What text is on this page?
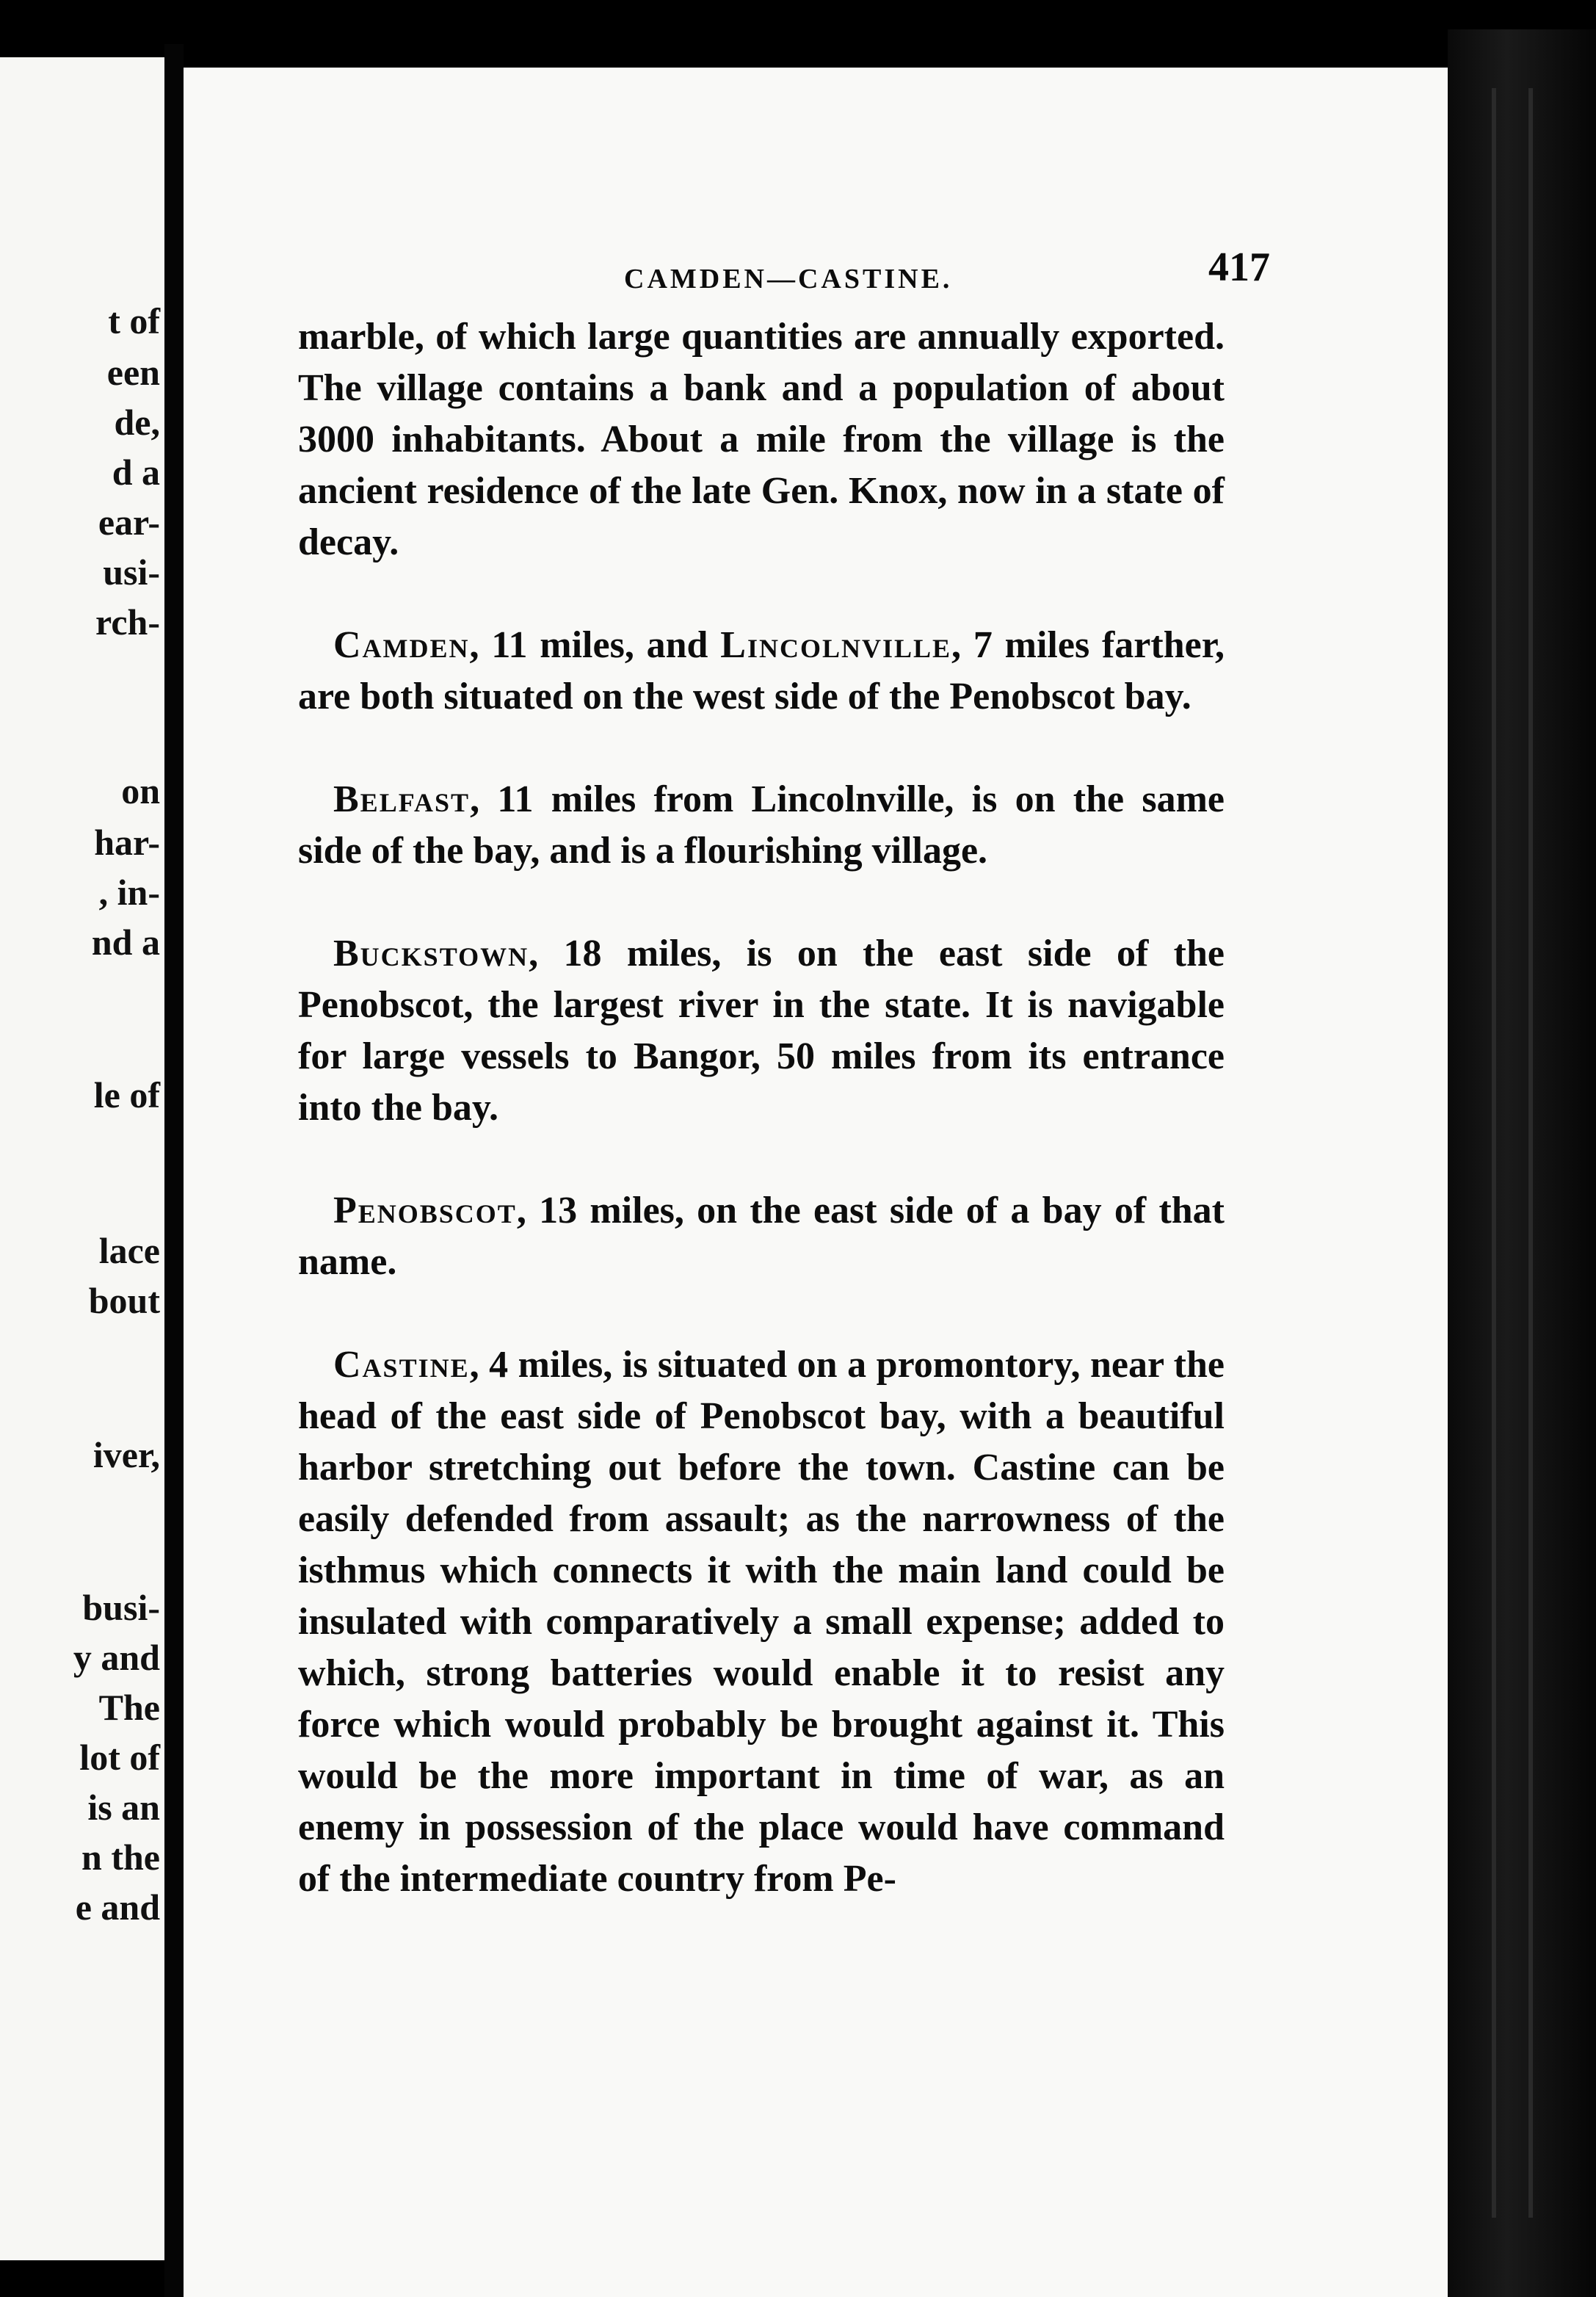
t of
een
de,
d a
ear-
usi-
rch-
on
har-
, in-
nd a
le of
lace
bout
iver,
busi-
y and
The
lot of
is an
n the
e and
CAMDEN—CASTINE.	417

marble, of which large quantities are annually exported. The village contains a bank and a population of about 3000 inhabitants. About a mile from the village is the ancient residence of the late Gen. Knox, now in a state of decay.

Camden, 11 miles, and Lincolnville, 7 miles farther, are both situated on the west side of the Penobscot bay.

Belfast, 11 miles from Lincolnville, is on the same side of the bay, and is a flourishing village.

Buckstown, 18 miles, is on the east side of the Penobscot, the largest river in the state. It is navigable for large vessels to Bangor, 50 miles from its entrance into the bay.

Penobscot, 13 miles, on the east side of a bay of that name.

Castine, 4 miles, is situated on a promontory, near the head of the east side of Penobscot bay, with a beautiful harbor stretching out before the town. Castine can be easily defended from assault; as the narrowness of the isthmus which connects it with the main land could be insulated with comparatively a small expense; added to which, strong batteries would enable it to resist any force which would probably be brought against it. This would be the more important in time of war, as an enemy in possession of the place would have command of the intermediate country from Pe-
